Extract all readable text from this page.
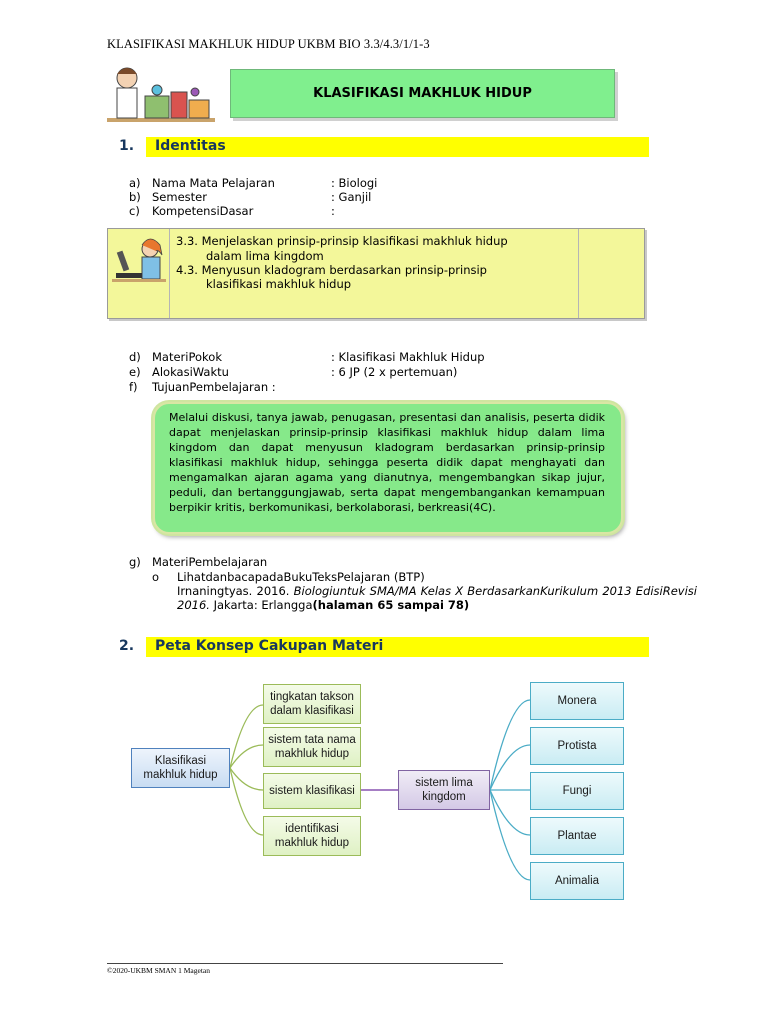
KLASIFIKASI MAKHLUK HIDUP UKBM BIO 3.3/4.3/1/1-3
KLASIFIKASI MAKHLUK HIDUP
1. Identitas
a) Nama Mata Pelajaran	: Biologi
b) Semester	: Ganjil
c) KompetensiDasar	:
3.3. Menjelaskan prinsip-prinsip klasifikasi makhluk hidup
dalam lima kingdom
4.3. Menyusun kladogram berdasarkan prinsip-prinsip
klasifikasi makhluk hidup
d) MateriPokok	: Klasifikasi Makhluk Hidup
e) AlokasiWaktu	: 6 JP (2 x pertemuan)
f) TujuanPembelajaran :
Melalui diskusi, tanya jawab, penugasan, presentasi dan analisis, peserta didik dapat menjelaskan prinsip-prinsip klasifikasi makhluk hidup dalam lima kingdom dan dapat menyusun kladogram berdasarkan prinsip-prinsip klasifikasi makhluk hidup, sehingga peserta didik dapat menghayati dan mengamalkan ajaran agama yang dianutnya, mengembangkan sikap jujur, peduli, dan bertanggungjawab, serta dapat mengembanganka​n kemampuan berpikir kritis, berkomunikasi, berkolaborasi, berkreasi(4C).
g) MateriPembelajaran
o LihatdanbacapadaBukuTeksPelajaran (BTP)
Irnaningtyas. 2016. Biologiuntuk SMA/MA Kelas X BerdasarkanKurikulum 2013 EdisiRevisi 2016. Jakarta: Erlangga(halaman 65 sampai 78)
2. Peta Konsep Cakupan Materi
Klasifikasi makhluk hidup
tingkatan takson dalam klasifikasi
sistem tata nama makhluk hidup
sistem klasifikasi
identifikasi makhluk hidup
sistem lima kingdom
Monera
Protista
Fungi
Plantae
Animalia
©2020-UKBM SMAN 1 Magetan
